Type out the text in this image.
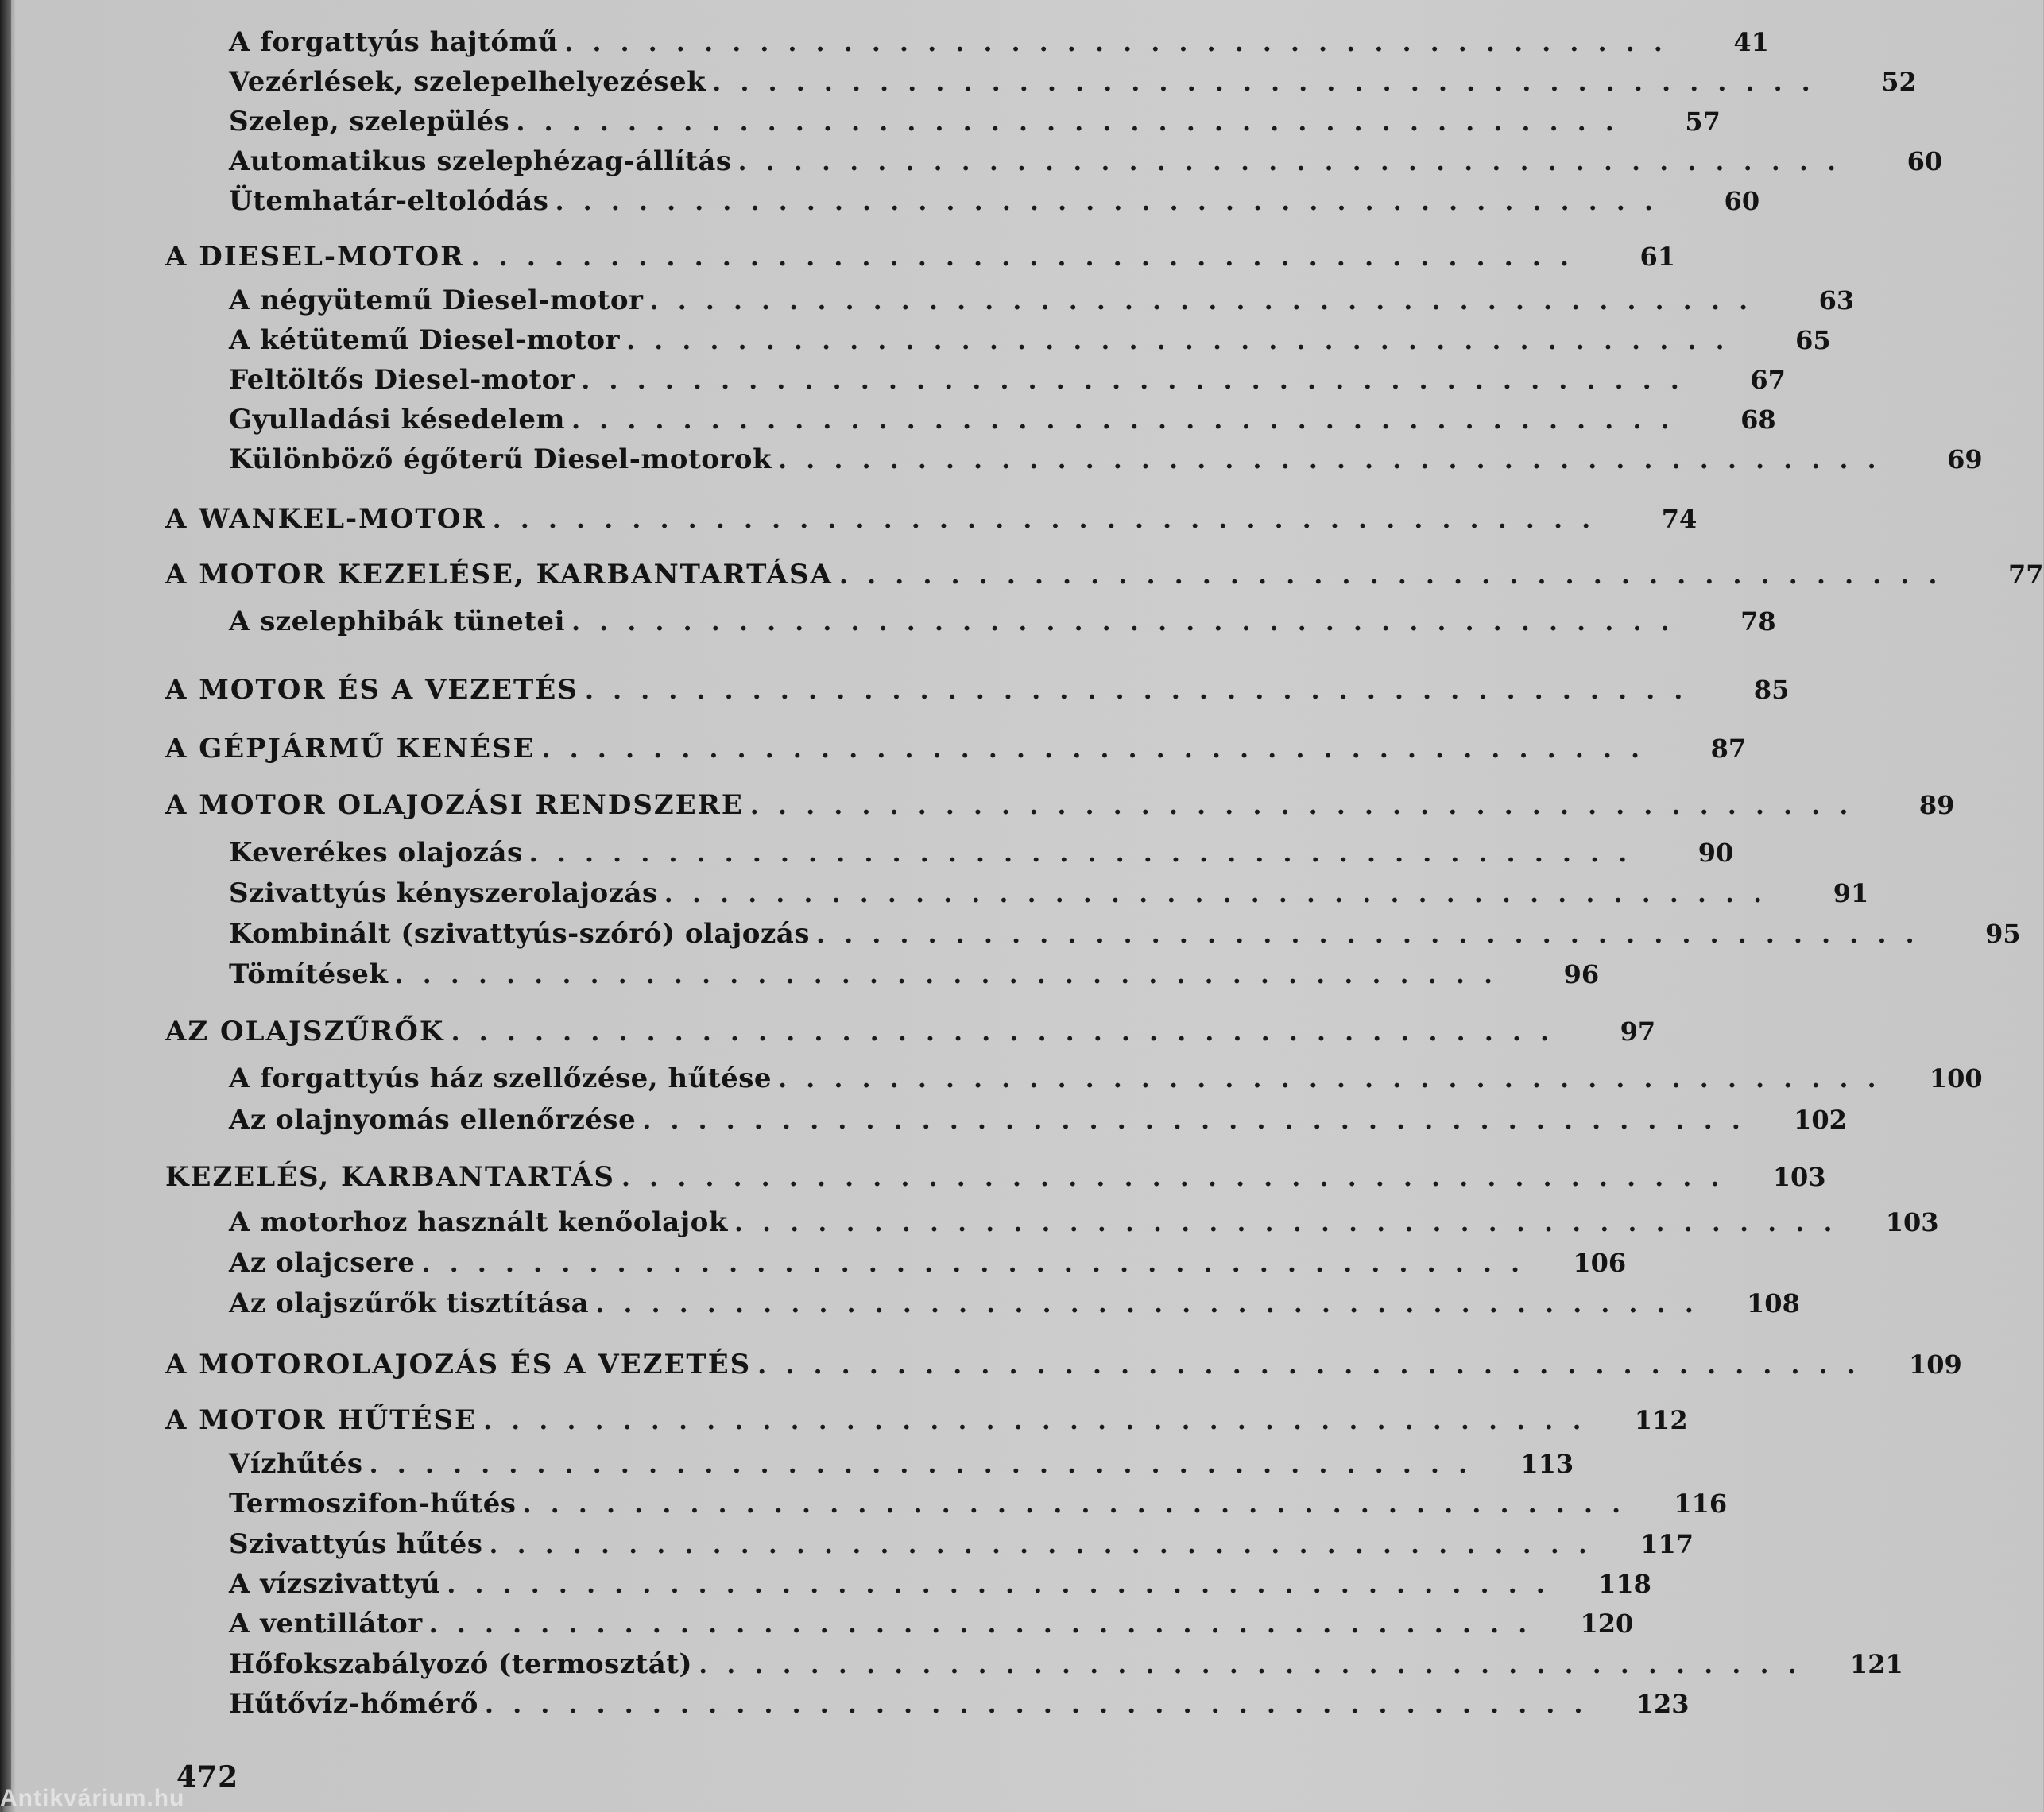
A forgattyús hajtómű ........................................	41
Vezérlések, szelepelhelyezések ........................................	52
Szelep, szelepülés ........................................	57
Automatikus szelephézag-állítás ........................................	60
Ütemhatár-eltolódás ........................................	60
A DIESEL-MOTOR ........................................	61
A négyütemű Diesel-motor ........................................	63
A kétütemű Diesel-motor ........................................	65
Feltöltős Diesel-motor ........................................	67
Gyulladási késedelem ........................................	68
Különböző égőterű Diesel-motorok ........................................	69
A WANKEL-MOTOR ........................................	74
A MOTOR KEZELÉSE, KARBANTARTÁSA ........................................	77
A szelephibák tünetei ........................................	78
A MOTOR ÉS A VEZETÉS ........................................	85
A GÉPJÁRMŰ KENÉSE ........................................	87
A MOTOR OLAJOZÁSI RENDSZERE ........................................	89
Keverékes olajozás ........................................	90
Szivattyús kényszerolajozás ........................................	91
Kombinált (szivattyús-szóró) olajozás ........................................	95
Tömítések ........................................	96
AZ OLAJSZŰRŐK ........................................	97
A forgattyús ház szellőzése, hűtése ........................................	100
Az olajnyomás ellenőrzése ........................................	102
KEZELÉS, KARBANTARTÁS ........................................	103
A motorhoz használt kenőolajok ........................................	103
Az olajcsere ........................................	106
Az olajszűrők tisztítása ........................................	108
A MOTOROLAJOZÁS ÉS A VEZETÉS ........................................	109
A MOTOR HŰTÉSE ........................................	112
Vízhűtés ........................................	113
Termoszifon-hűtés ........................................	116
Szivattyús hűtés ........................................	117
A vízszivattyú ........................................	118
A ventillátor ........................................	120
Hőfokszabályozó (termosztát) ........................................	121
Hűtővíz-hőmérő ........................................	123
472
Antikvárium.hu
